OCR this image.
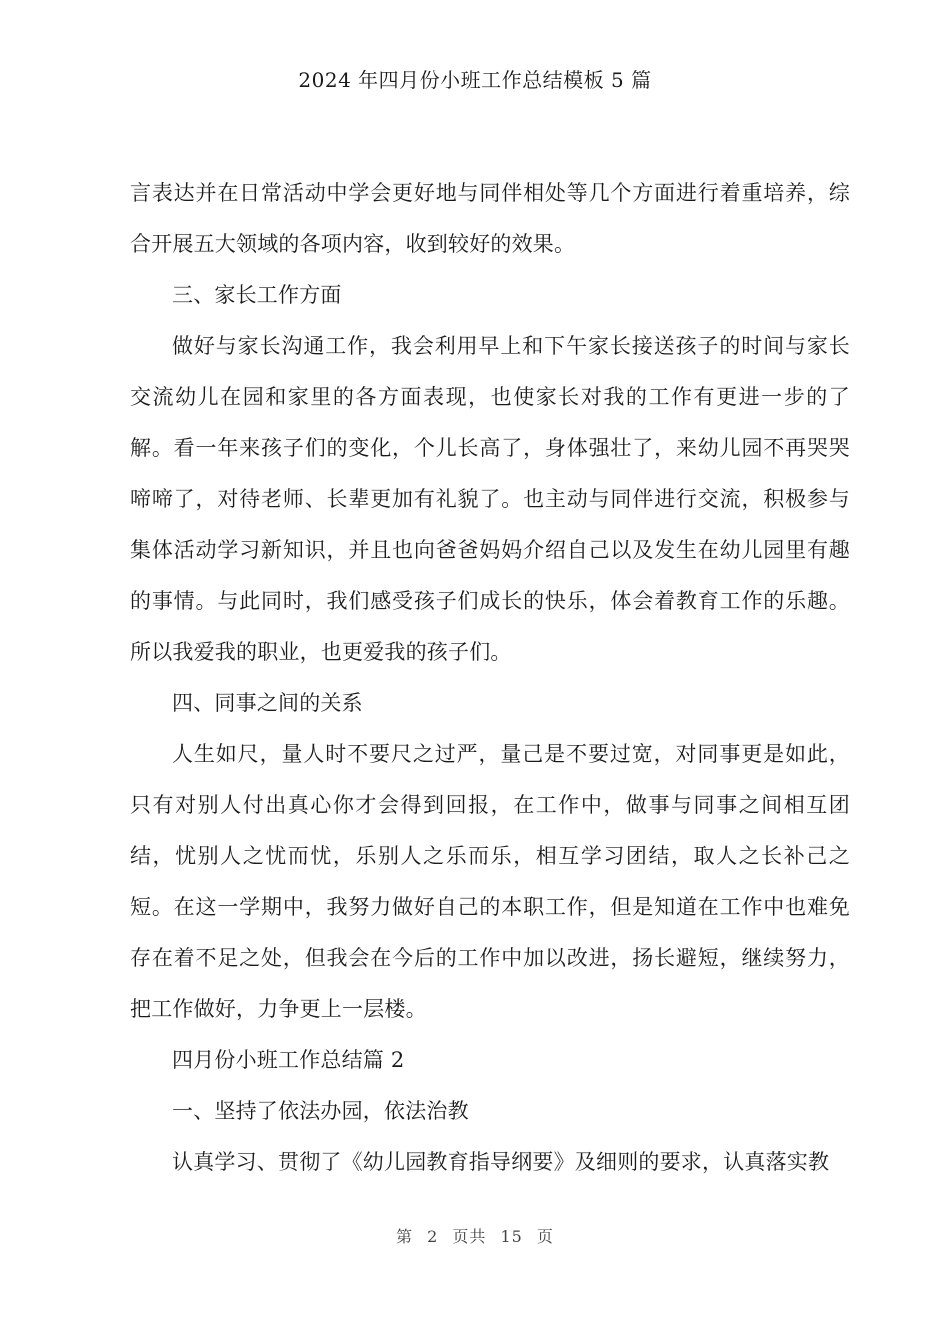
2024 年四月份小班工作总结模板 5 篇

言表达并在日常活动中学会更好地与同伴相处等几个方面进行着重培养，综合开展五大领域的各项内容，收到较好的效果。

三、家长工作方面

做好与家长沟通工作，我会利用早上和下午家长接送孩子的时间与家长交流幼儿在园和家里的各方面表现，也使家长对我的工作有更进一步的了解。看一年来孩子们的变化，个儿长高了，身体强壮了，来幼儿园不再哭哭啼啼了，对待老师、长辈更加有礼貌了。也主动与同伴进行交流，积极参与集体活动学习新知识，并且也向爸爸妈妈介绍自己以及发生在幼儿园里有趣的事情。与此同时，我们感受孩子们成长的快乐，体会着教育工作的乐趣。所以我爱我的职业，也更爱我的孩子们。

四、同事之间的关系

人生如尺，量人时不要尺之过严，量己是不要过宽，对同事更是如此，只有对别人付出真心你才会得到回报，在工作中，做事与同事之间相互团结，忧别人之忧而忧，乐别人之乐而乐，相互学习团结，取人之长补己之短。在这一学期中，我努力做好自己的本职工作，但是知道在工作中也难免存在着不足之处，但我会在今后的工作中加以改进，扬长避短，继续努力，把工作做好，力争更上一层楼。

四月份小班工作总结篇 2

一、坚持了依法办园，依法治教

认真学习、贯彻了《幼儿园教育指导纲要》及细则的要求，认真落实教

第 2 页共 15 页
